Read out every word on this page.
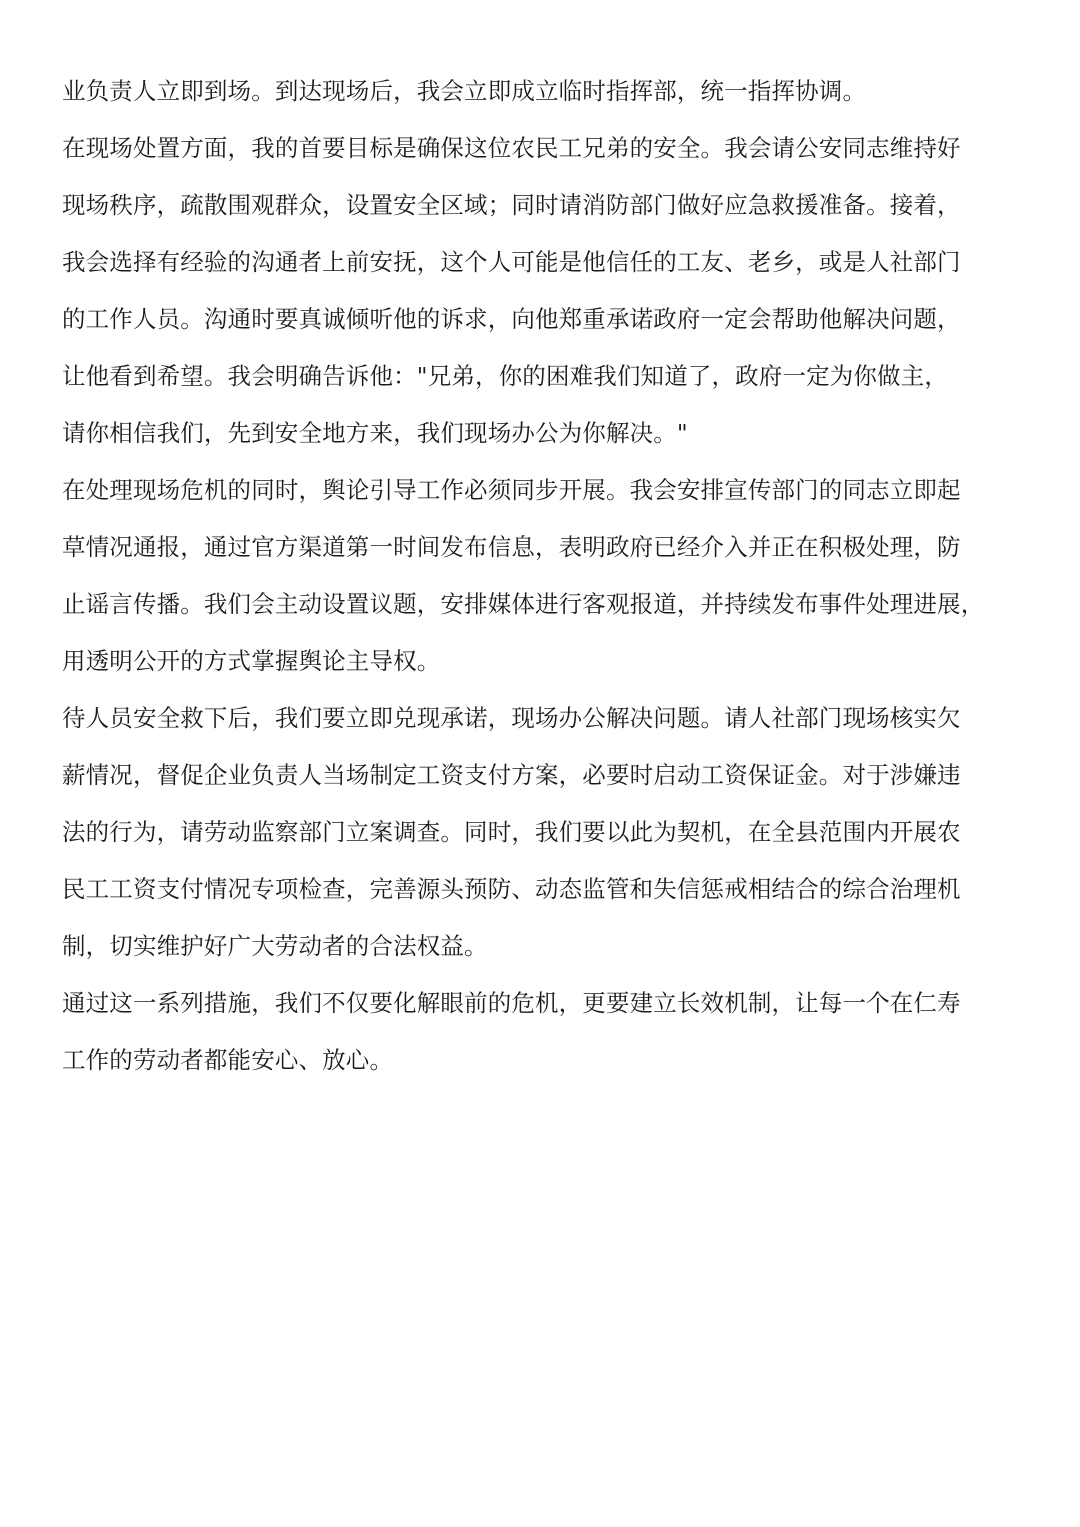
业负责人立即到场。到达现场后，我会立即成立临时指挥部，统一指挥协调。
在现场处置方面，我的首要目标是确保这位农民工兄弟的安全。我会请公安同志维持好
现场秩序，疏散围观群众，设置安全区域；同时请消防部门做好应急救援准备。接着，
我会选择有经验的沟通者上前安抚，这个人可能是他信任的工友、老乡，或是人社部门
的工作人员。沟通时要真诚倾听他的诉求，向他郑重承诺政府一定会帮助他解决问题，
让他看到希望。我会明确告诉他："兄弟，你的困难我们知道了，政府一定为你做主，
请你相信我们，先到安全地方来，我们现场办公为你解决。"
在处理现场危机的同时，舆论引导工作必须同步开展。我会安排宣传部门的同志立即起
草情况通报，通过官方渠道第一时间发布信息，表明政府已经介入并正在积极处理，防
止谣言传播。我们会主动设置议题，安排媒体进行客观报道，并持续发布事件处理进展，
用透明公开的方式掌握舆论主导权。
待人员安全救下后，我们要立即兑现承诺，现场办公解决问题。请人社部门现场核实欠
薪情况，督促企业负责人当场制定工资支付方案，必要时启动工资保证金。对于涉嫌违
法的行为，请劳动监察部门立案调查。同时，我们要以此为契机，在全县范围内开展农
民工工资支付情况专项检查，完善源头预防、动态监管和失信惩戒相结合的综合治理机
制，切实维护好广大劳动者的合法权益。
通过这一系列措施，我们不仅要化解眼前的危机，更要建立长效机制，让每一个在仁寿
工作的劳动者都能安心、放心。
